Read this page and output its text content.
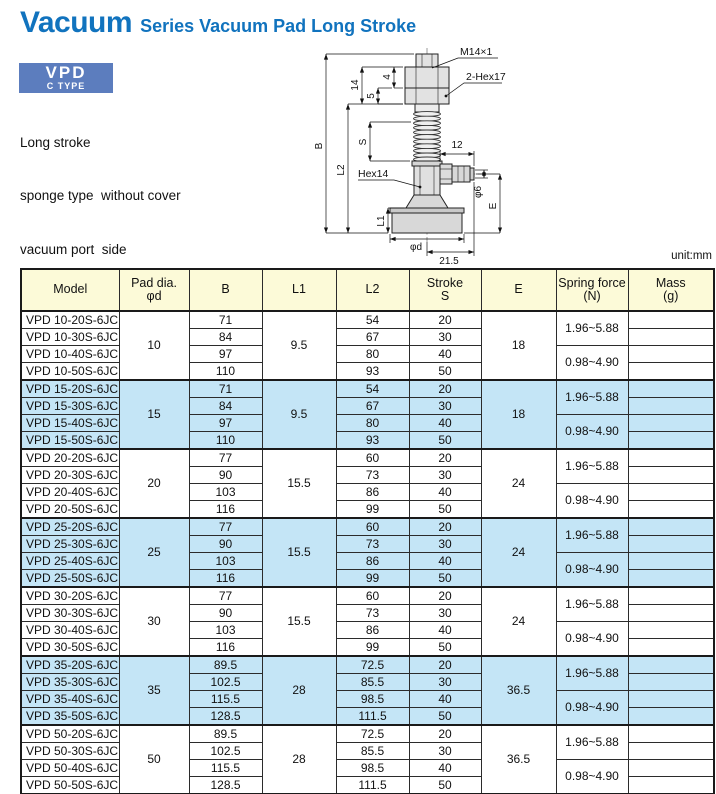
Vacuum Series Vacuum Pad Long Stroke
VPD
C TYPE

Long stroke

sponge type  without cover

vacuum port  side

M14×1
2-Hex17
14
4
5
S
B
L2 Hex14
L1
12
φ6
E
φd
21.5	unit:mm
Model	Pad dia.
φd	B	L1	L2	Stroke
S	E	Spring force
(N)

Mass
(g)

VPD 10-20S-6JC	10	71	9.5	54	20	18	1.96~5.88	
VPD 10-30S-6JC		84		67	30			
VPD 10-40S-6JC		97		80	40		0.98~4.90	
VPD 10-50S-6JC		110		93	50			
VPD 15-20S-6JC	15	71	9.5	54	20	18	1.96~5.88	
VPD 15-30S-6JC		84		67	30			
VPD 15-40S-6JC		97		80	40		0.98~4.90	
VPD 15-50S-6JC		110		93	50			
VPD 20-20S-6JC	20	77	15.5	60	20	24	1.96~5.88	
VPD 20-30S-6JC		90		73	30			
VPD 20-40S-6JC		103		86	40		0.98~4.90	
VPD 20-50S-6JC		116		99	50			
VPD 25-20S-6JC	25	77	15.5	60	20	24	1.96~5.88	
VPD 25-30S-6JC		90		73	30			
VPD 25-40S-6JC		103		86	40		0.98~4.90	
VPD 25-50S-6JC		116		99	50			
VPD 30-20S-6JC	30	77	15.5	60	20	24	1.96~5.88	
VPD 30-30S-6JC		90		73	30			
VPD 30-40S-6JC		103		86	40		0.98~4.90	
VPD 30-50S-6JC		116		99	50			
VPD 35-20S-6JC	35	89.5	28	72.5	20	36.5	1.96~5.88	
VPD 35-30S-6JC		102.5		85.5	30			
VPD 35-40S-6JC		115.5		98.5	40		0.98~4.90	
VPD 35-50S-6JC		128.5		111.5	50			
VPD 50-20S-6JC	50	89.5	28	72.5	20	36.5	1.96~5.88	
VPD 50-30S-6JC		102.5		85.5	30			
VPD 50-40S-6JC		115.5		98.5	40		0.98~4.90	
VPD 50-50S-6JC		128.5		111.5	50			
